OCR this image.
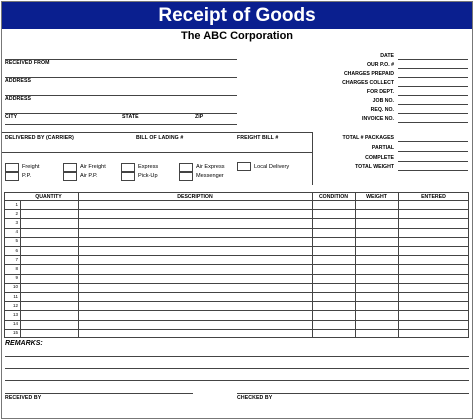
Receipt of Goods
The ABC Corporation
RECEIVED FROM
ADDRESS
ADDRESS
CITY	STATE	ZIP
DATE
OUR P.O. #
CHARGES PREPAID
CHARGES COLLECT
FOR DEPT.
JOB NO.
REQ. NO.
INVOICE NO.
DELIVERED BY (CARRIER)	BILL OF LADING #	FREIGHT BILL #	TOTAL # PACKAGES
PARTIAL
COMPLETE
TOTAL WEIGHT
Freight	Air Freight	Express	Air Express	Local Delivery
P.P.	Air P.P.	Pick-Up	Messenger
QUANTITY	DESCRIPTION	CONDITION	WEIGHT	ENTERED
1
2
3
4
5
6
7
8
9
10
11
12
13
14
15
REMARKS:
RECEIVED BY	CHECKED BY
